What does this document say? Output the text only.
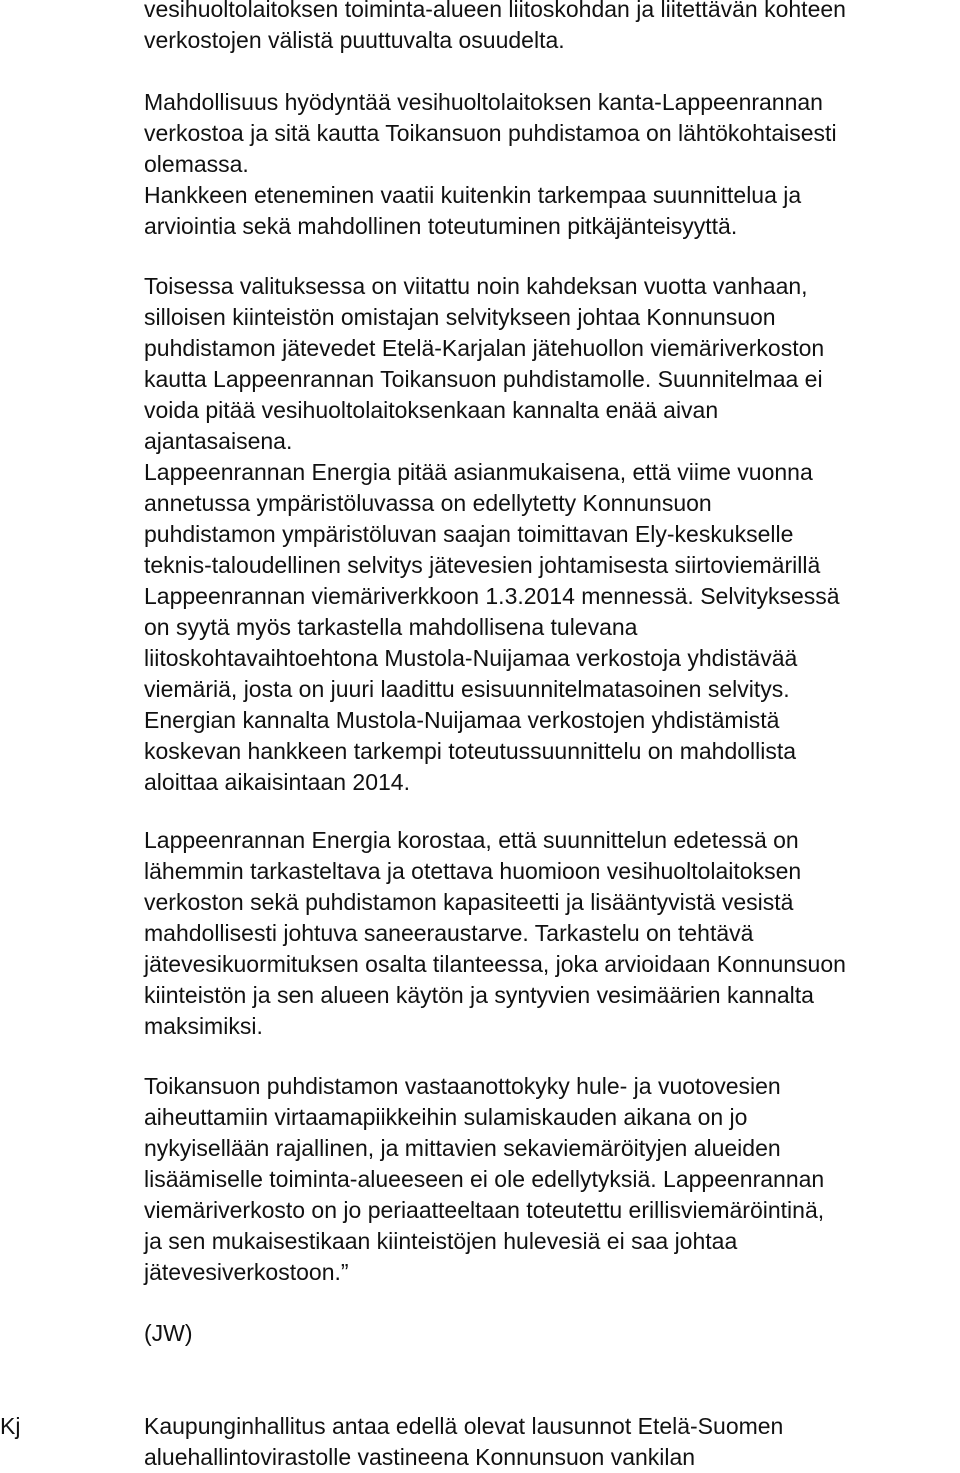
vesihuoltolaitoksen toiminta-alueen liitoskohdan ja liitettävän kohteen
verkostojen välistä puuttuvalta osuudelta.
Mahdollisuus hyödyntää vesihuoltolaitoksen kanta-Lappeenrannan
verkostoa ja sitä kautta Toikansuon puhdistamoa on lähtökohtaisesti
olemassa.
Hankkeen eteneminen vaatii kuitenkin tarkempaa suunnittelua ja
arviointia sekä mahdollinen toteutuminen pitkäjänteisyyttä.
Toisessa valituksessa on viitattu noin kahdeksan vuotta vanhaan,
silloisen kiinteistön omistajan selvitykseen johtaa Konnunsuon
puhdistamon jätevedet Etelä-Karjalan jätehuollon viemäriverkoston
kautta Lappeenrannan Toikansuon puhdistamolle. Suunnitelmaa ei
voida pitää vesihuoltolaitoksenkaan kannalta enää aivan
ajantasaisena.
Lappeenrannan Energia pitää asianmukaisena, että viime vuonna
annetussa ympäristöluvassa on edellytetty Konnunsuon
puhdistamon ympäristöluvan saajan toimittavan Ely-keskukselle
teknis-taloudellinen selvitys jätevesien johtamisesta siirtoviemärillä
Lappeenrannan viemäriverkkoon 1.3.2014 mennessä. Selvityksessä
on syytä myös tarkastella mahdollisena tulevana
liitoskohtavaihtoehtona Mustola-Nuijamaa verkostoja yhdistävää
viemäriä, josta on juuri laadittu esisuunnitelmatasoinen selvitys.
Energian kannalta Mustola-Nuijamaa verkostojen yhdistämistä
koskevan hankkeen tarkempi toteutussuunnittelu on mahdollista
aloittaa aikaisintaan 2014.
Lappeenrannan Energia korostaa, että suunnittelun edetessä on
lähemmin tarkasteltava ja otettava huomioon vesihuoltolaitoksen
verkoston sekä puhdistamon kapasiteetti ja lisääntyvistä vesistä
mahdollisesti johtuva saneeraustarve. Tarkastelu on tehtävä
jätevesikuormituksen osalta tilanteessa, joka arvioidaan Konnunsuon
kiinteistön ja sen alueen käytön ja syntyvien vesimäärien kannalta
maksimiksi.
Toikansuon puhdistamon vastaanottokyky hule- ja vuotovesien
aiheuttamiin virtaamapiikkeihin sulamiskauden aikana on jo
nykyisellään rajallinen, ja mittavien sekaviemäröityjen alueiden
lisäämiselle toiminta-alueeseen ei ole edellytyksiä. Lappeenrannan
viemäriverkosto on jo periaatteeltaan toteutettu erillisviemäröintinä,
ja sen mukaisestikaan kiinteistöjen hulevesiä ei saa johtaa
jätevesiverkostoon.”
(JW)
Kj	Kaupunginhallitus antaa edellä olevat lausunnot Etelä-Suomen
aluehallintovirastolle vastineena Konnunsuon vankilan
